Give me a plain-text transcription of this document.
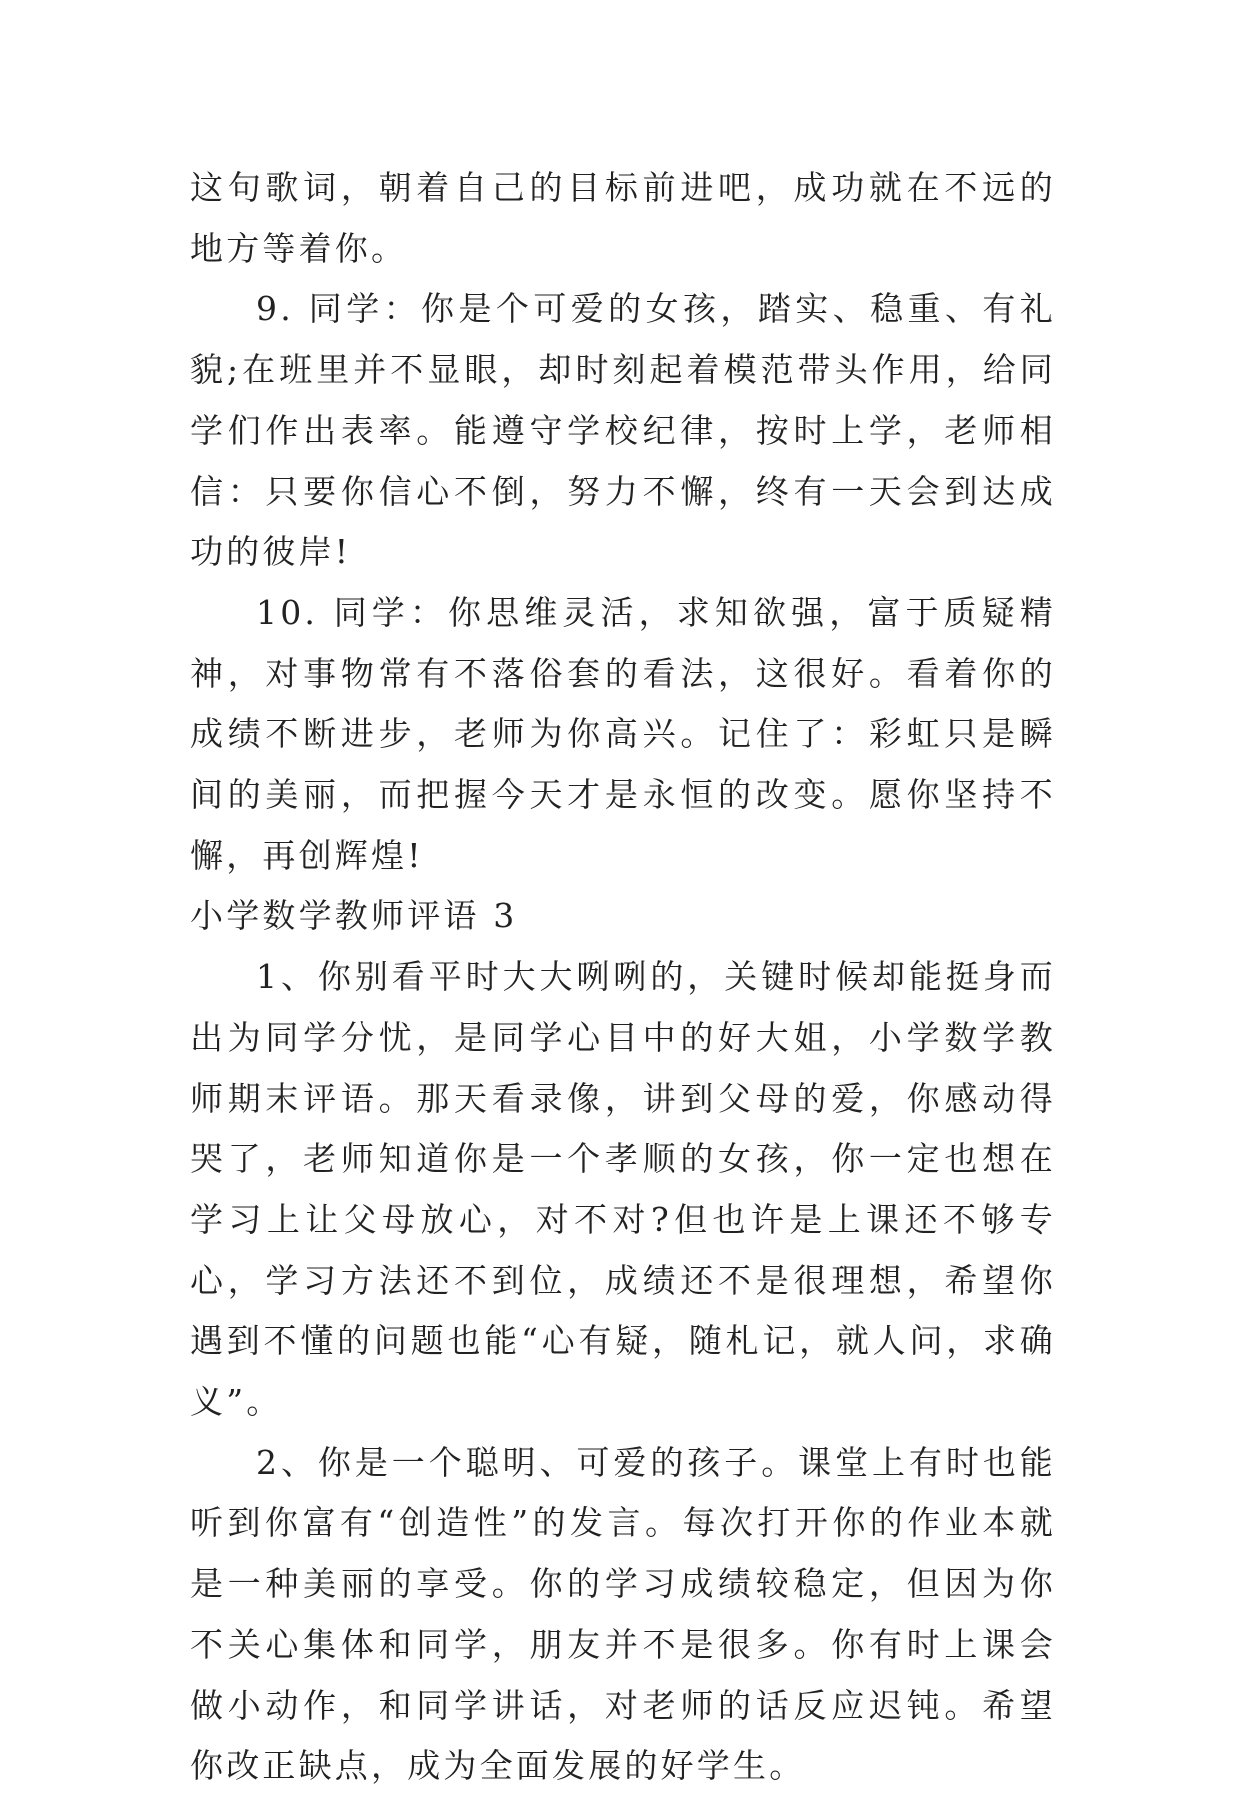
这句歌词，朝着自己的目标前进吧，成功就在不远的地方等着你。

9. 同学：你是个可爱的女孩，踏实、稳重、有礼貌;在班里并不显眼，却时刻起着模范带头作用，给同学们作出表率。能遵守学校纪律，按时上学，老师相信：只要你信心不倒，努力不懈，终有一天会到达成功的彼岸!

10. 同学：你思维灵活，求知欲强，富于质疑精神，对事物常有不落俗套的看法，这很好。看着你的成绩不断进步，老师为你高兴。记住了：彩虹只是瞬间的美丽，而把握今天才是永恒的改变。愿你坚持不懈，再创辉煌!

小学数学教师评语 3

1、你别看平时大大咧咧的，关键时候却能挺身而出为同学分忧，是同学心目中的好大姐，小学数学教师期末评语。那天看录像，讲到父母的爱，你感动得哭了，老师知道你是一个孝顺的女孩，你一定也想在学习上让父母放心，对不对?但也许是上课还不够专心，学习方法还不到位，成绩还不是很理想，希望你遇到不懂的问题也能“心有疑，随札记，就人问，求确义”。

2、你是一个聪明、可爱的孩子。课堂上有时也能听到你富有“创造性”的发言。每次打开你的作业本就是一种美丽的享受。你的学习成绩较稳定，但因为你不关心集体和同学，朋友并不是很多。你有时上课会做小动作，和同学讲话，对老师的话反应迟钝。希望你改正缺点，成为全面发展的好学生。
